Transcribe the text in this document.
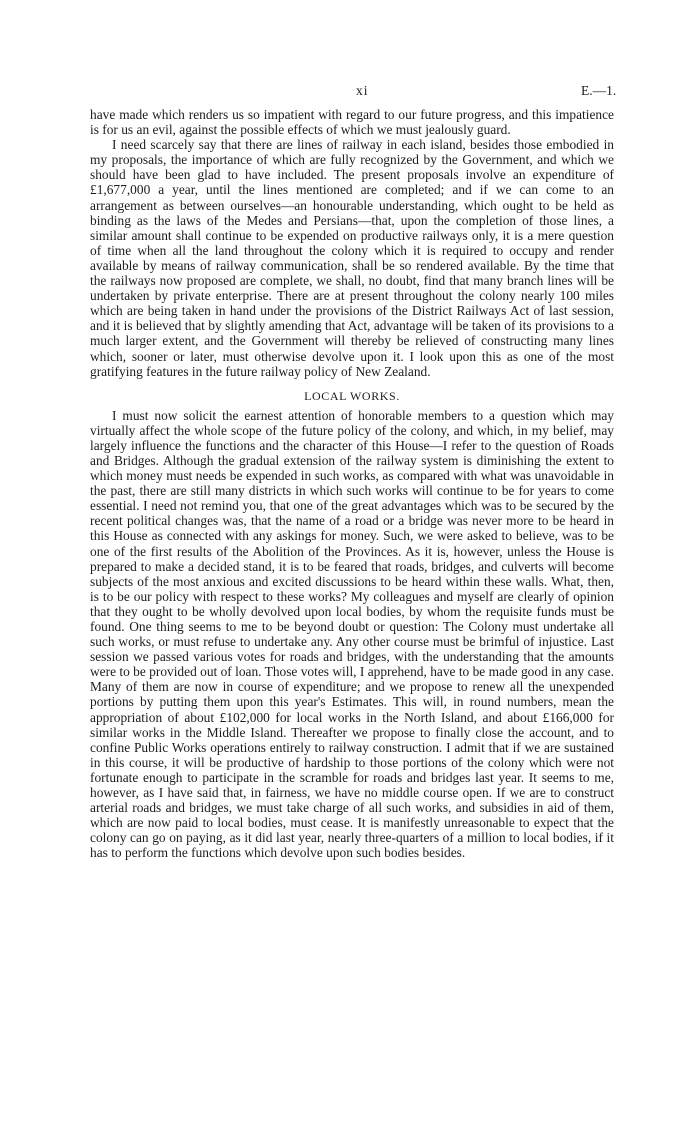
xi	E.—1.

have made which renders us so impatient with regard to our future progress, and this impatience is for us an evil, against the possible effects of which we must jealously guard.

I need scarcely say that there are lines of railway in each island, besides those embodied in my proposals, the importance of which are fully recognized by the Government, and which we should have been glad to have included. The present proposals involve an expenditure of £1,677,000 a year, until the lines mentioned are completed; and if we can come to an arrangement as between ourselves—an honourable understanding, which ought to be held as binding as the laws of the Medes and Persians—that, upon the completion of those lines, a similar amount shall continue to be expended on productive railways only, it is a mere question of time when all the land throughout the colony which it is required to occupy and render available by means of railway communication, shall be so rendered available. By the time that the railways now proposed are complete, we shall, no doubt, find that many branch lines will be undertaken by private enterprise. There are at present throughout the colony nearly 100 miles which are being taken in hand under the provisions of the District Railways Act of last session, and it is believed that by slightly amending that Act, advantage will be taken of its provisions to a much larger extent, and the Government will thereby be relieved of constructing many lines which, sooner or later, must otherwise devolve upon it. I look upon this as one of the most gratifying features in the future railway policy of New Zealand.

LOCAL WORKS.

I must now solicit the earnest attention of honorable members to a question which may virtually affect the whole scope of the future policy of the colony, and which, in my belief, may largely influence the functions and the character of this House—I refer to the question of Roads and Bridges. Although the gradual extension of the railway system is diminishing the extent to which money must needs be expended in such works, as compared with what was unavoidable in the past, there are still many districts in which such works will continue to be for years to come essential. I need not remind you, that one of the great advantages which was to be secured by the recent political changes was, that the name of a road or a bridge was never more to be heard in this House as connected with any askings for money. Such, we were asked to believe, was to be one of the first results of the Abolition of the Provinces. As it is, however, unless the House is prepared to make a decided stand, it is to be feared that roads, bridges, and culverts will become subjects of the most anxious and excited discussions to be heard within these walls. What, then, is to be our policy with respect to these works? My colleagues and myself are clearly of opinion that they ought to be wholly devolved upon local bodies, by whom the requisite funds must be found. One thing seems to me to be beyond doubt or question: The Colony must undertake all such works, or must refuse to undertake any. Any other course must be brimful of injustice. Last session we passed various votes for roads and bridges, with the understanding that the amounts were to be provided out of loan. Those votes will, I apprehend, have to be made good in any case. Many of them are now in course of expenditure; and we propose to renew all the unexpended portions by putting them upon this year's Estimates. This will, in round numbers, mean the appropriation of about £102,000 for local works in the North Island, and about £166,000 for similar works in the Middle Island. Thereafter we propose to finally close the account, and to confine Public Works operations entirely to railway construction. I admit that if we are sustained in this course, it will be productive of hardship to those portions of the colony which were not fortunate enough to participate in the scramble for roads and bridges last year. It seems to me, however, as I have said that, in fairness, we have no middle course open. If we are to construct arterial roads and bridges, we must take charge of all such works, and subsidies in aid of them, which are now paid to local bodies, must cease. It is manifestly unreasonable to expect that the colony can go on paying, as it did last year, nearly three-quarters of a million to local bodies, if it has to perform the functions which devolve upon such bodies besides.
